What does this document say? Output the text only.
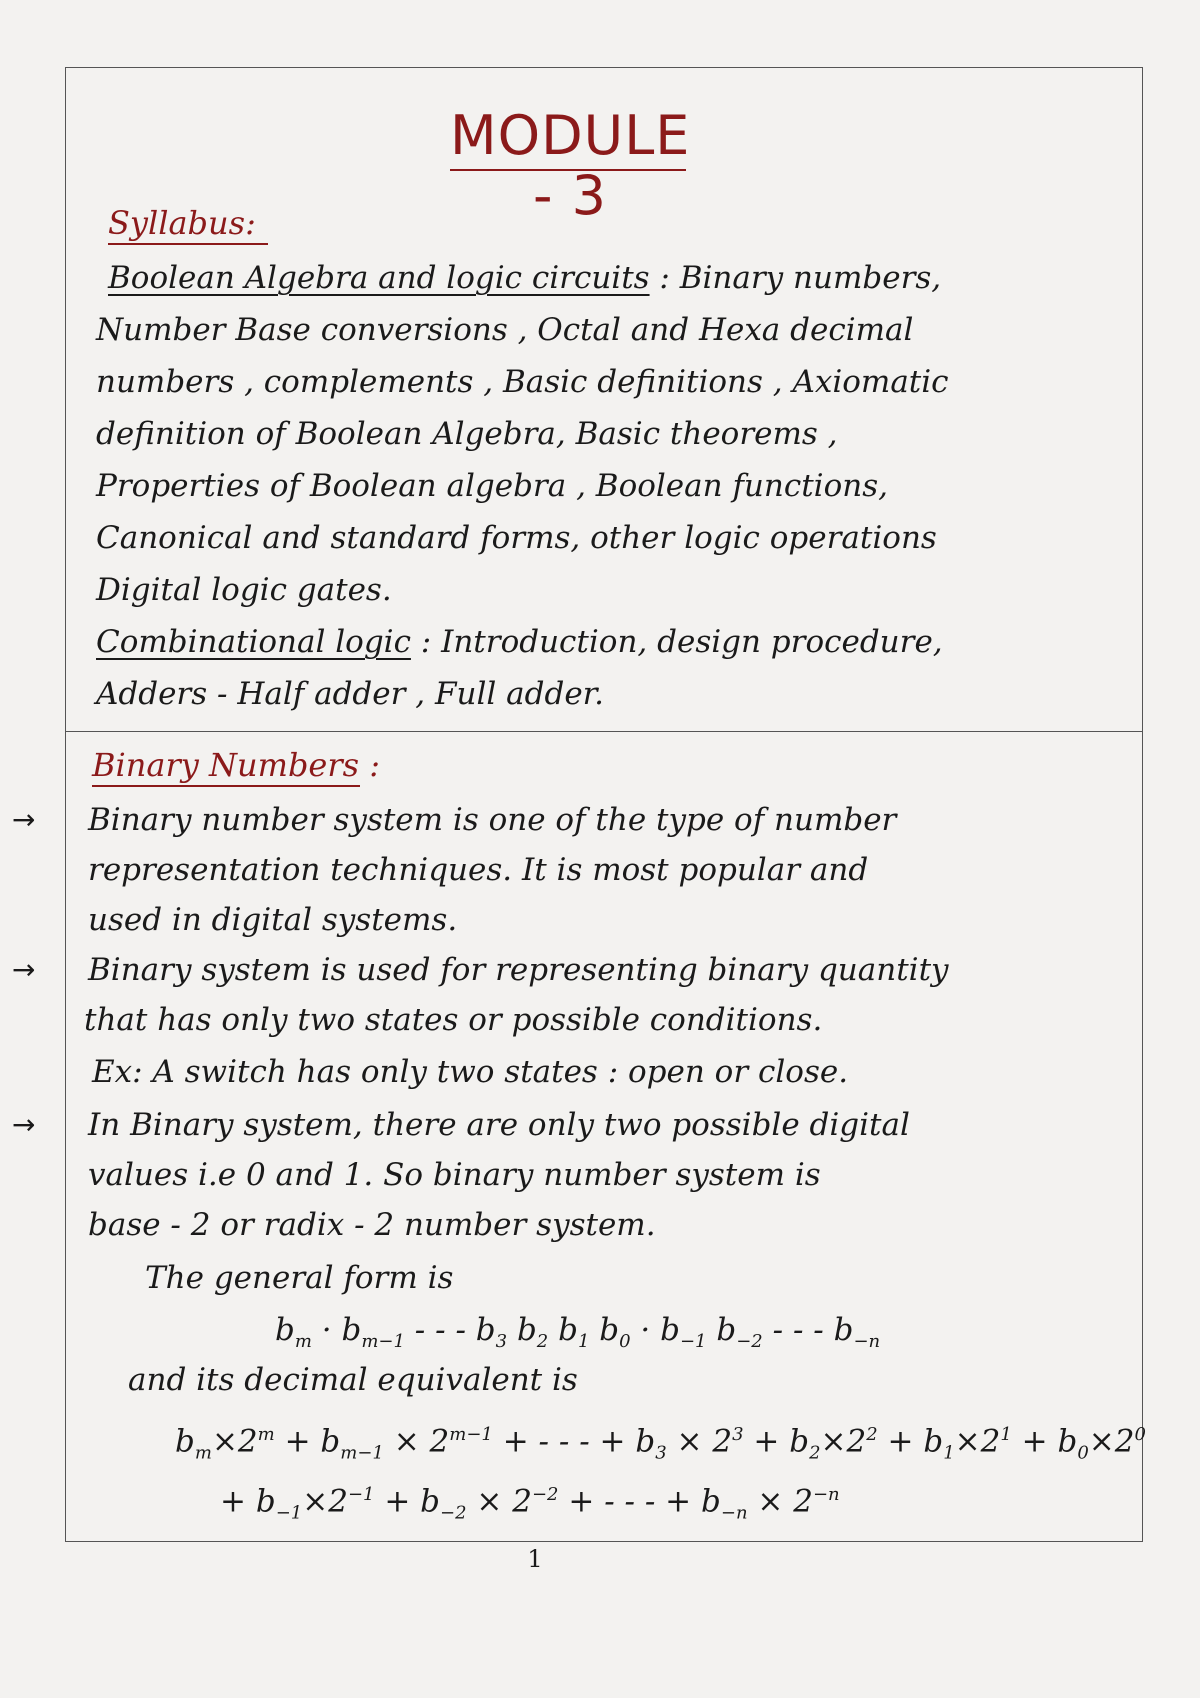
MODULE - 3
Syllabus:
Boolean Algebra and logic circuits : Binary numbers,
Number Base conversions , Octal and Hexa decimal
numbers , complements , Basic definitions , Axiomatic
definition of Boolean Algebra, Basic theorems ,
Properties of Boolean algebra , Boolean functions,
Canonical and standard forms, other logic operations
Digital logic gates.
Combinational logic : Introduction, design procedure,
Adders - Half adder , Full adder.
Binary Numbers :
→ Binary number system is one of the type of number
representation techniques. It is most popular and
used in digital systems.
→ Binary system is used for representing binary quantity
that has only two states or possible conditions.
Ex: A switch has only two states : open or close.
→ In Binary system, there are only two possible digital
values i.e 0 and 1. So binary number system is
base - 2 or radix - 2 number system.
The general form is
$b_m \cdot b_{m-1}$ - - - $b_3$ $b_2$ $b_1$ $b_0 \cdot b_{-1}$ $b_{-2}$ - - - $b_{-n}$
and its decimal equivalent is
$b_m\times 2^m + b_{m-1} \times 2^{m-1}$ + - - - + $b_3 \times 2^3 + b_2\times 2^2 + b_1\times 2^1 + b_0\times 2^0$
+ $b_{-1}\times 2^{-1} + b_{-2} \times 2^{-2}$ + - - - + $b_{-n} \times 2^{-n}$
1
